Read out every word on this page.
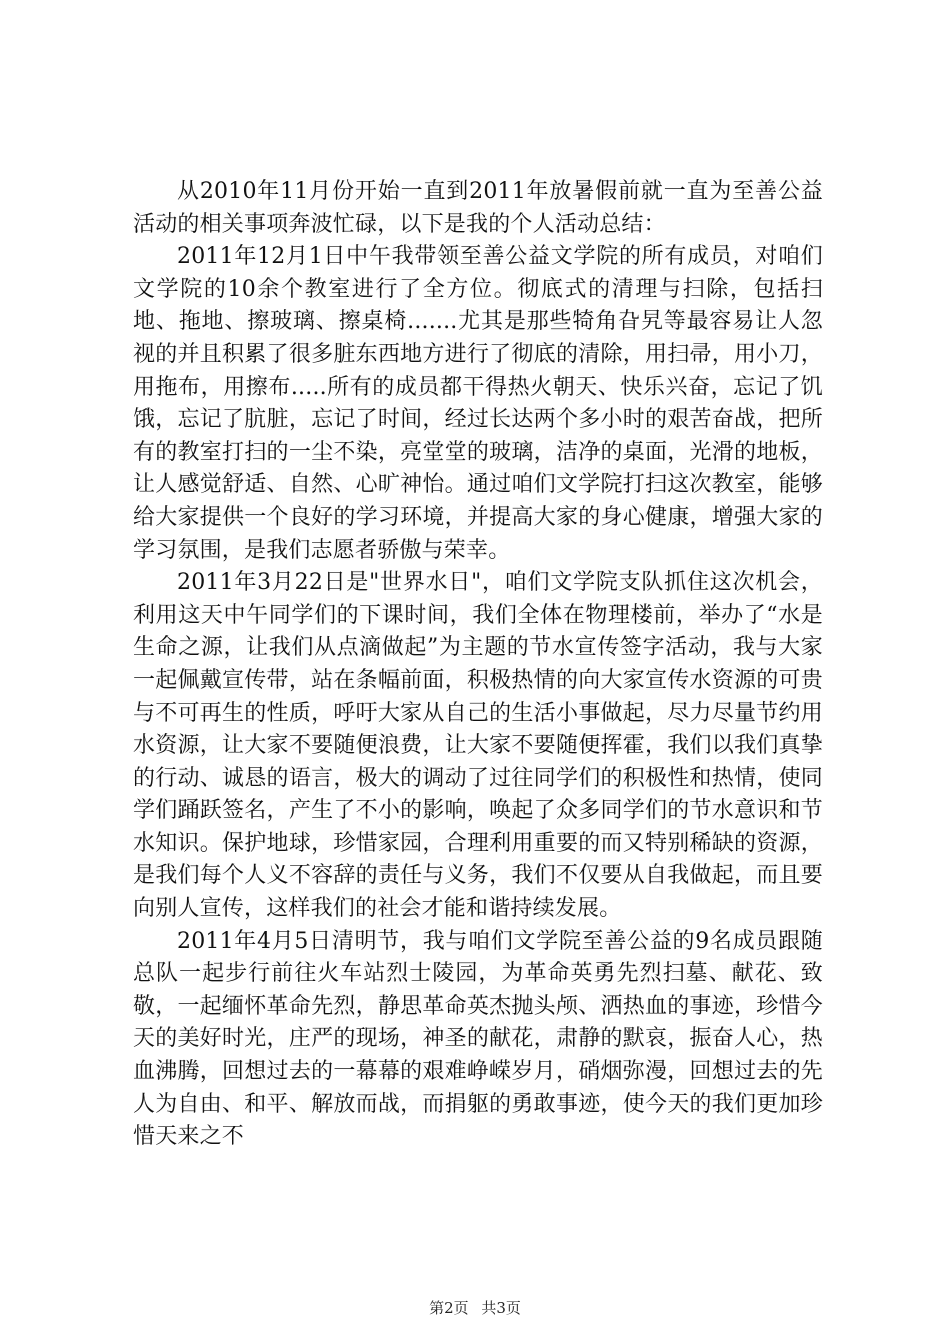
从2010年11月份开始一直到2011年放暑假前就一直为至善公益活动的相关事项奔波忙碌，以下是我的个人活动总结：

2011年12月1日中午我带领至善公益文学院的所有成员，对咱们文学院的10余个教室进行了全方位。彻底式的清理与扫除，包括扫地、拖地、擦玻璃、擦桌椅.......尤其是那些犄角旮旯等最容易让人忽视的并且积累了很多脏东西地方进行了彻底的清除，用扫帚，用小刀，用拖布，用擦布.....所有的成员都干得热火朝天、快乐兴奋，忘记了饥饿，忘记了肮脏，忘记了时间，经过长达两个多小时的艰苦奋战，把所有的教室打扫的一尘不染，亮堂堂的玻璃，洁净的桌面，光滑的地板，让人感觉舒适、自然、心旷神怡。通过咱们文学院打扫这次教室，能够给大家提供一个良好的学习环境，并提高大家的身心健康，增强大家的学习氛围，是我们志愿者骄傲与荣幸。

2011年3月22日是"世界水日"，咱们文学院支队抓住这次机会，利用这天中午同学们的下课时间，我们全体在物理楼前，举办了“水是生命之源，让我们从点滴做起”为主题的节水宣传签字活动，我与大家一起佩戴宣传带，站在条幅前面，积极热情的向大家宣传水资源的可贵与不可再生的性质，呼吁大家从自己的生活小事做起，尽力尽量节约用水资源，让大家不要随便浪费，让大家不要随便挥霍，我们以我们真挚的行动、诚恳的语言，极大的调动了过往同学们的积极性和热情，使同学们踊跃签名，产生了不小的影响，唤起了众多同学们的节水意识和节水知识。保护地球，珍惜家园，合理利用重要的而又特别稀缺的资源，是我们每个人义不容辞的责任与义务，我们不仅要从自我做起，而且要向别人宣传，这样我们的社会才能和谐持续发展。

2011年4月5日清明节，我与咱们文学院至善公益的9名成员跟随总队一起步行前往火车站烈士陵园，为革命英勇先烈扫墓、献花、致敬，一起缅怀革命先烈，静思革命英杰抛头颅、洒热血的事迹，珍惜今天的美好时光，庄严的现场，神圣的献花，肃静的默哀，振奋人心，热血沸腾，回想过去的一幕幕的艰难峥嵘岁月，硝烟弥漫，回想过去的先人为自由、和平、解放而战，而捐躯的勇敢事迹，使今天的我们更加珍惜天来之不

第2页 共3页
